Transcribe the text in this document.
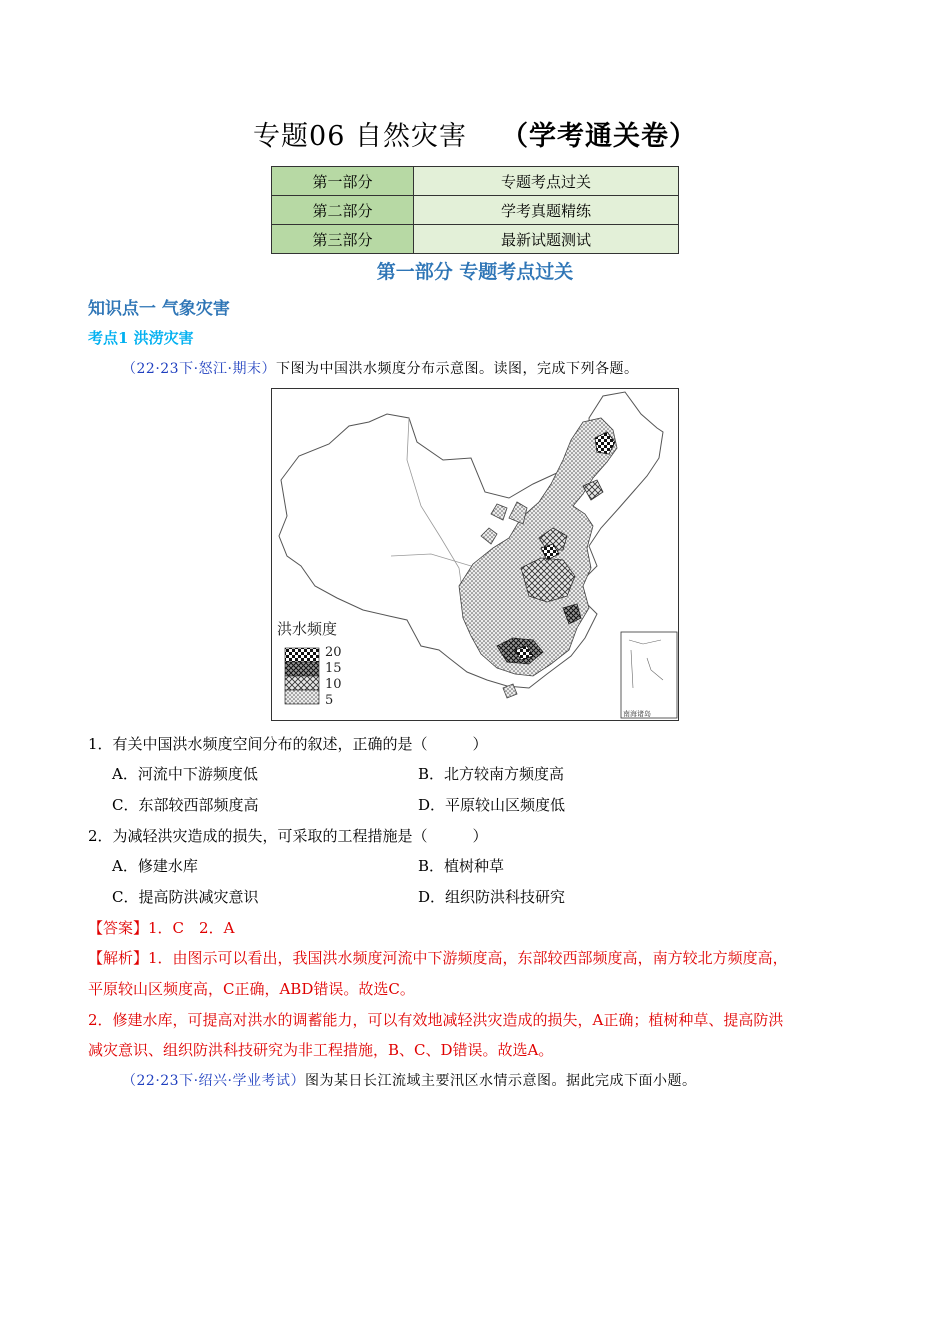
专题06 自然灾害 （学考通关卷）
第一部分	专题考点过关
第二部分	学考真题精练
第三部分	最新试题测试
第一部分 专题考点过关
知识点一 气象灾害
考点1 洪涝灾害
（22·23下·怒江·期末）下图为中国洪水频度分布示意图。读图，完成下列各题。
南海诸岛
洪水频度
20
15
10
5
1．有关中国洪水频度空间分布的叙述，正确的是（　　　）
A．河流中下游频度低	B．北方较南方频度高
C．东部较西部频度高	D．平原较山区频度低
2．为减轻洪灾造成的损失，可采取的工程措施是（　　　）
A．修建水库	B．植树种草
C．提高防洪减灾意识	D．组织防洪科技研究
【答案】1．C　2．A
【解析】1．由图示可以看出，我国洪水频度河流中下游频度高，东部较西部频度高，南方较北方频度高，
平原较山区频度高，C正确，ABD错误。故选C。
2．修建水库，可提高对洪水的调蓄能力，可以有效地减轻洪灾造成的损失，A正确；植树种草、提高防洪
减灾意识、组织防洪科技研究为非工程措施，B、C、D错误。故选A。
（22·23下·绍兴·学业考试）图为某日长江流域主要汛区水情示意图。据此完成下面小题。
